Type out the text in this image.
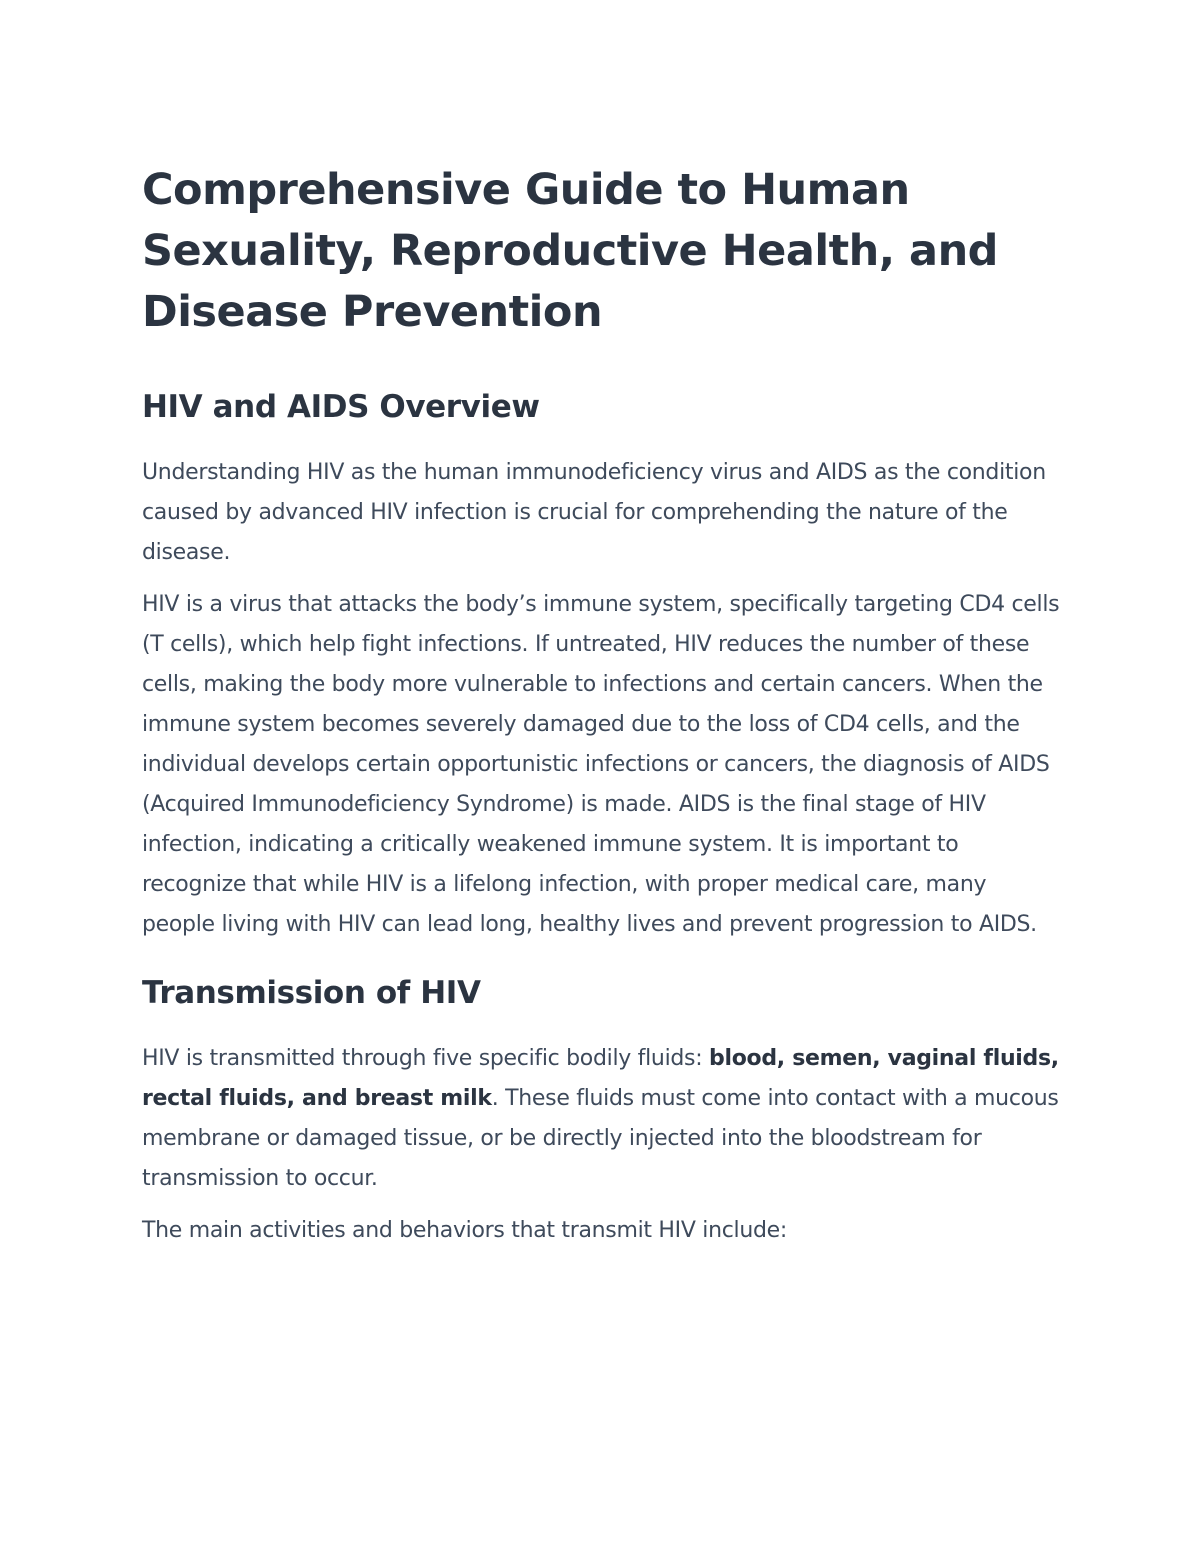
Comprehensive Guide to Human Sexuality, Reproductive Health, and Disease Prevention
HIV and AIDS Overview

Understanding HIV as the human immunodeficiency virus and AIDS as the condition caused by advanced HIV infection is crucial for comprehending the nature of the disease.

HIV is a virus that attacks the body’s immune system, specifically targeting CD4 cells (T cells), which help fight infections. If untreated, HIV reduces the number of these cells, making the body more vulnerable to infections and certain cancers. When the immune system becomes severely damaged due to the loss of CD4 cells, and the individual develops certain opportunistic infections or cancers, the diagnosis of AIDS (Acquired Immunodeficiency Syndrome) is made. AIDS is the final stage of HIV infection, indicating a critically weakened immune system. It is important to recognize that while HIV is a lifelong infection, with proper medical care, many people living with HIV can lead long, healthy lives and prevent progression to AIDS.

Transmission of HIV

HIV is transmitted through five specific bodily fluids: blood, semen, vaginal fluids, rectal fluids, and breast milk. These fluids must come into contact with a mucous membrane or damaged tissue, or be directly injected into the bloodstream for transmission to occur.

The main activities and behaviors that transmit HIV include:
